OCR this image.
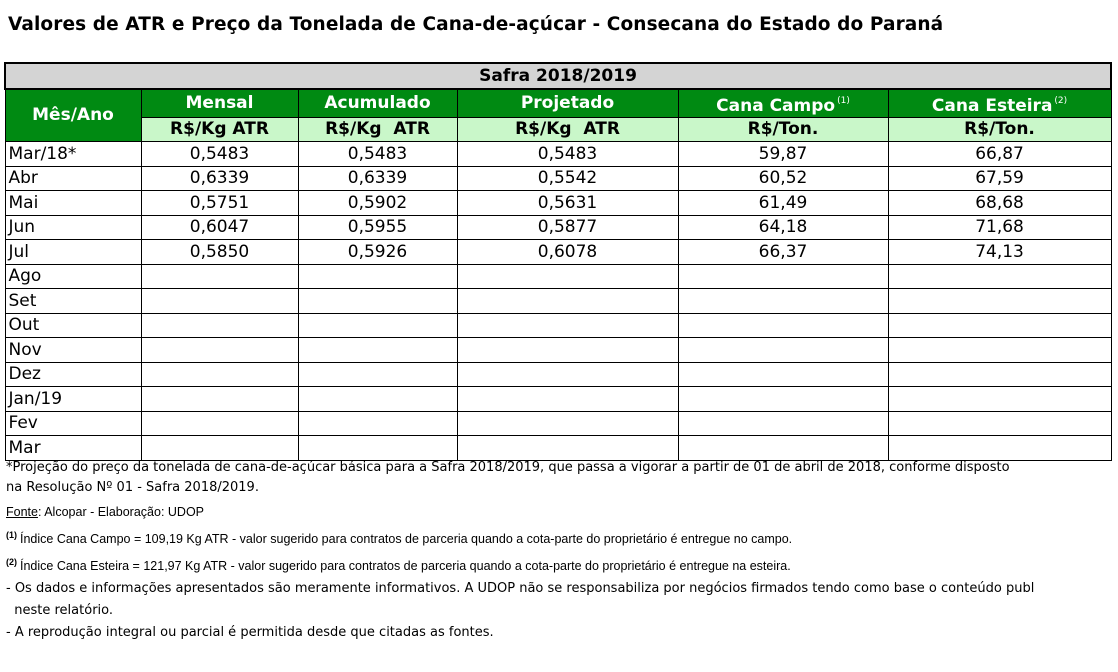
Valores de ATR e Preço da Tonelada de Cana-de-açúcar - Consecana do Estado do Paraná
Safra 2018/2019					
Mês/Ano	Mensal	Acumulado	Projetado	Cana Campo $^{(1)}$	Cana Esteira $^{(2)}$
	R$/Kg ATR	R$/Kg  ATR	R$/Kg  ATR	R$/Ton.	R$/Ton.
Mar/18*	0,5483	0,5483	0,5483	59,87	66,87
Abr	0,6339	0,6339	0,5542	60,52	67,59
Mai	0,5751	0,5902	0,5631	61,49	68,68
Jun	0,6047	0,5955	0,5877	64,18	71,68
Jul	0,5850	0,5926	0,6078	66,37	74,13
Ago					
Set					
Out					
Nov					
Dez					
Jan/19					
Fev					
Mar					
*Projeção do preço da tonelada de cana-de-açúcar básica para a Safra 2018/2019, que passa a vigorar a partir de 01 de abril de 2018, conforme disposto
na Resolução Nº 01 - Safra 2018/2019.
Fonte: Alcopar - Elaboração: UDOP
$^{(1)}$ Índice Cana Campo = 109,19 Kg ATR - valor sugerido para contratos de parceria quando a cota-parte do proprietário é entregue no campo.
$^{(2)}$ Índice Cana Esteira = 121,97 Kg ATR - valor sugerido para contratos de parceria quando a cota-parte do proprietário é entregue na esteira.
- Os dados e informações apresentados são meramente informativos. A UDOP não se responsabiliza por negócios firmados tendo como base o conteúdo publ
neste relatório.
- A reprodução integral ou parcial é permitida desde que citadas as fontes.
